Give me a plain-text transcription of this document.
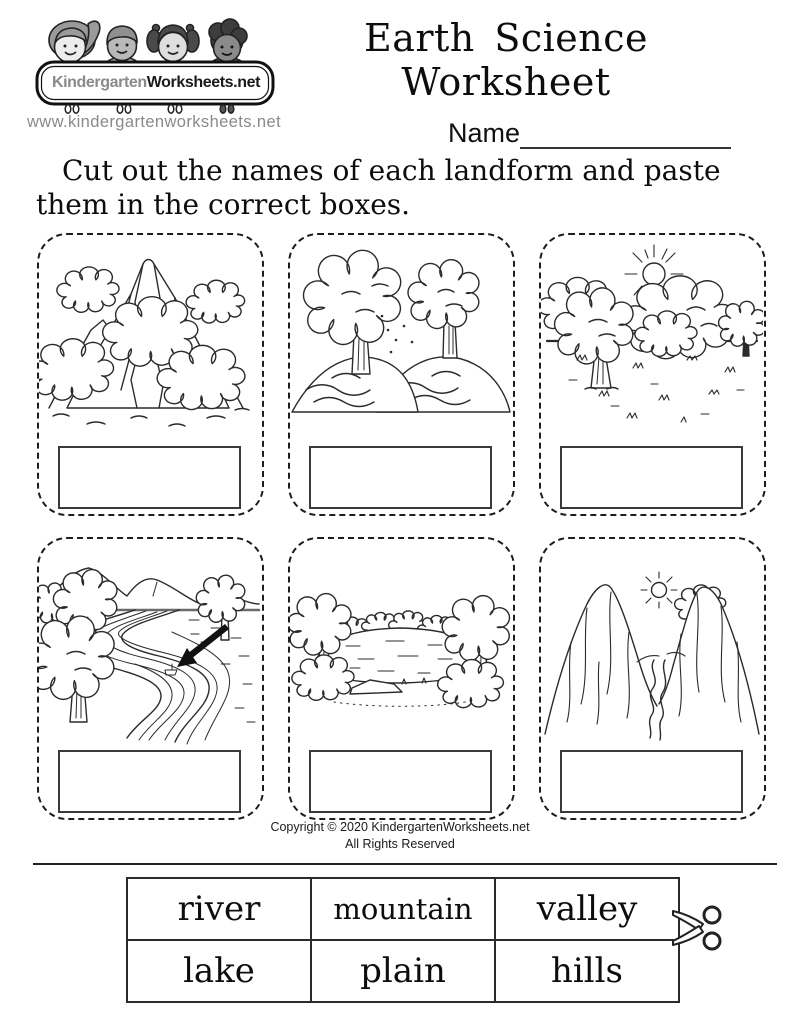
KindergartenWorksheets.net
www.kindergartenworksheets.net
Earth Science Worksheet
Name
Cut out the names of each landform and paste them in the correct boxes.
Copyright © 2020 KindergartenWorksheets.net
All Rights Reserved
river	mountain	valley
lake	plain	hills
